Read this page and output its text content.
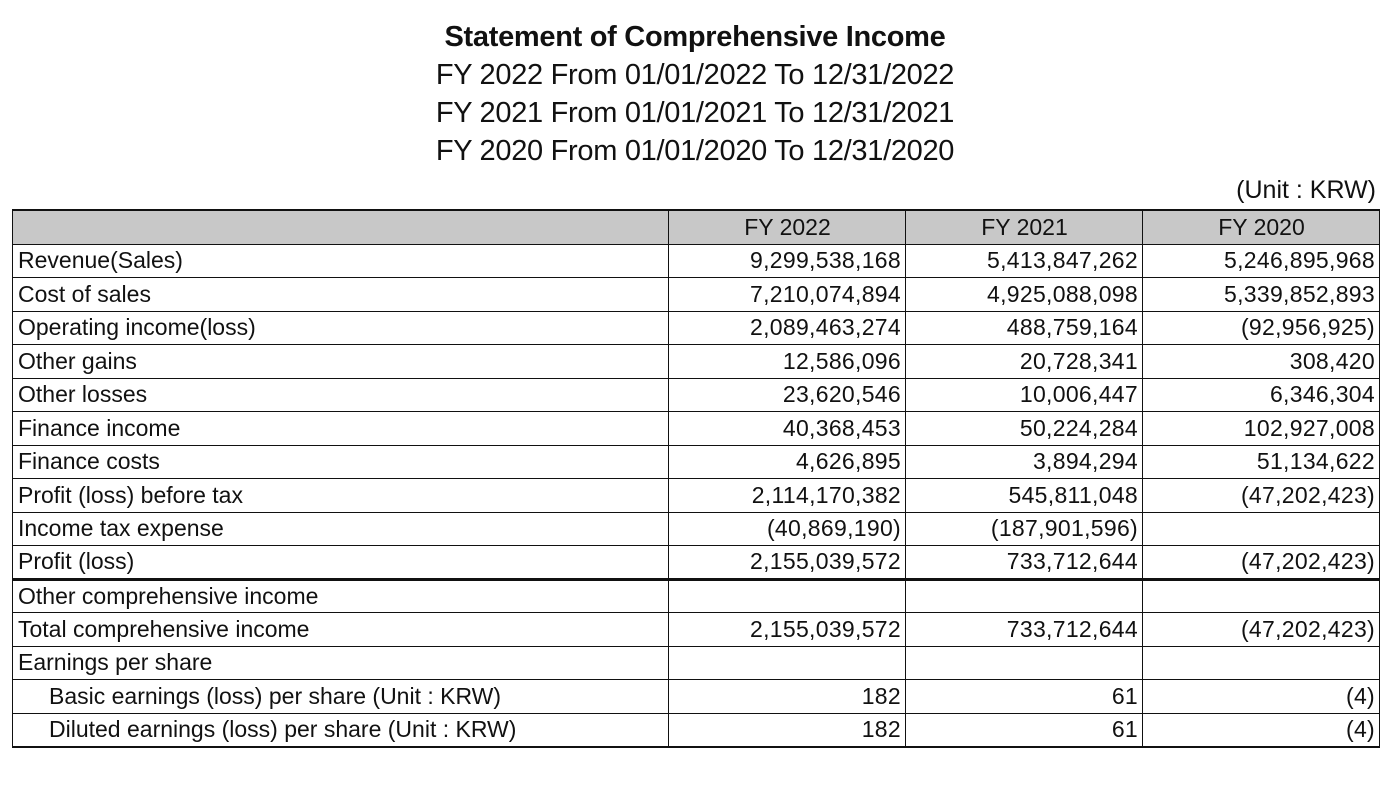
Statement of Comprehensive Income
FY 2022 From 01/01/2022 To 12/31/2022
FY 2021 From 01/01/2021 To 12/31/2021
FY 2020 From 01/01/2020 To 12/31/2020
(Unit : KRW)
	FY 2022	FY 2021	FY 2020
Revenue(Sales)	9,299,538,168	5,413,847,262	5,246,895,968
Cost of sales	7,210,074,894	4,925,088,098	5,339,852,893
Operating income(loss)	2,089,463,274	488,759,164	(92,956,925)
Other gains	12,586,096	20,728,341	308,420
Other losses	23,620,546	10,006,447	6,346,304
Finance income	40,368,453	50,224,284	102,927,008
Finance costs	4,626,895	3,894,294	51,134,622
Profit (loss) before tax	2,114,170,382	545,811,048	(47,202,423)
Income tax expense	(40,869,190)	(187,901,596)	
Profit (loss)	2,155,039,572	733,712,644	(47,202,423)
Other comprehensive income			
Total comprehensive income	2,155,039,572	733,712,644	(47,202,423)
Earnings per share			
Basic earnings (loss) per share (Unit : KRW)	182	61	(4)
Diluted earnings (loss) per share (Unit : KRW)	182	61	(4)
